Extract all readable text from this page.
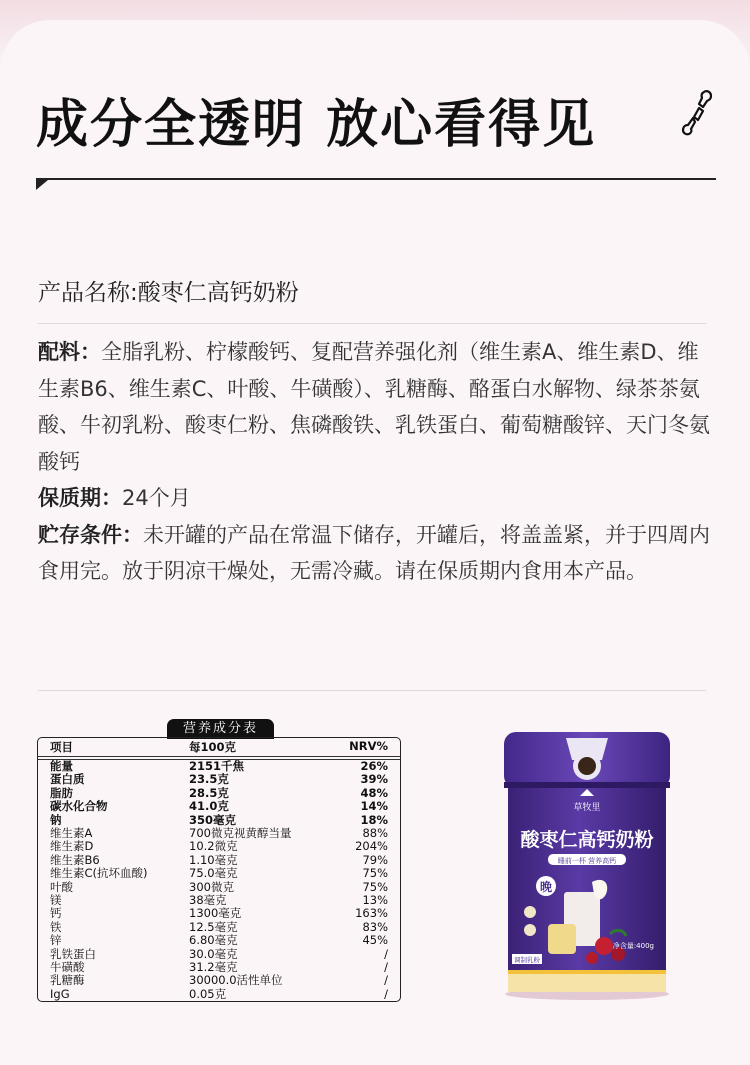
成分全透明 放心看得见
产品名称:酸枣仁高钙奶粉

配料：全脂乳粉、柠檬酸钙、复配营养强化剂（维生素A、维生素D、维生素B6、维生素C、叶酸、牛磺酸）、乳糖酶、酪蛋白水解物、绿茶茶氨酸、牛初乳粉、酸枣仁粉、焦磷酸铁、乳铁蛋白、葡萄糖酸锌、天门冬氨酸钙

保质期：24个月

贮存条件：未开罐的产品在常温下储存，开罐后，将盖盖紧，并于四周内食用完。放于阴凉干燥处，无需冷藏。请在保质期内食用本产品。

营养成分表
项目	每100克	NRV%
能量	2151千焦	26%
蛋白质	23.5克	39%
脂肪	28.5克	48%
碳水化合物	41.0克	14%
钠	350毫克	18%
维生素A	700微克视黄醇当量	88%
维生素D	10.2微克	204%
维生素B6	1.10毫克	79%
维生素C(抗坏血酸)	75.0毫克	75%
叶酸	300微克	75%
镁	38毫克	13%
钙	1300毫克	163%
铁	12.5毫克	83%
锌	6.80毫克	45%
乳铁蛋白	30.0毫克	/
牛磺酸	31.2毫克	/
乳糖酶	30000.0活性单位	/
IgG	0.05克	/
草牧里
酸枣仁高钙奶粉
睡前一杯 营养高钙
晚
净含量:400g
调制乳粉
